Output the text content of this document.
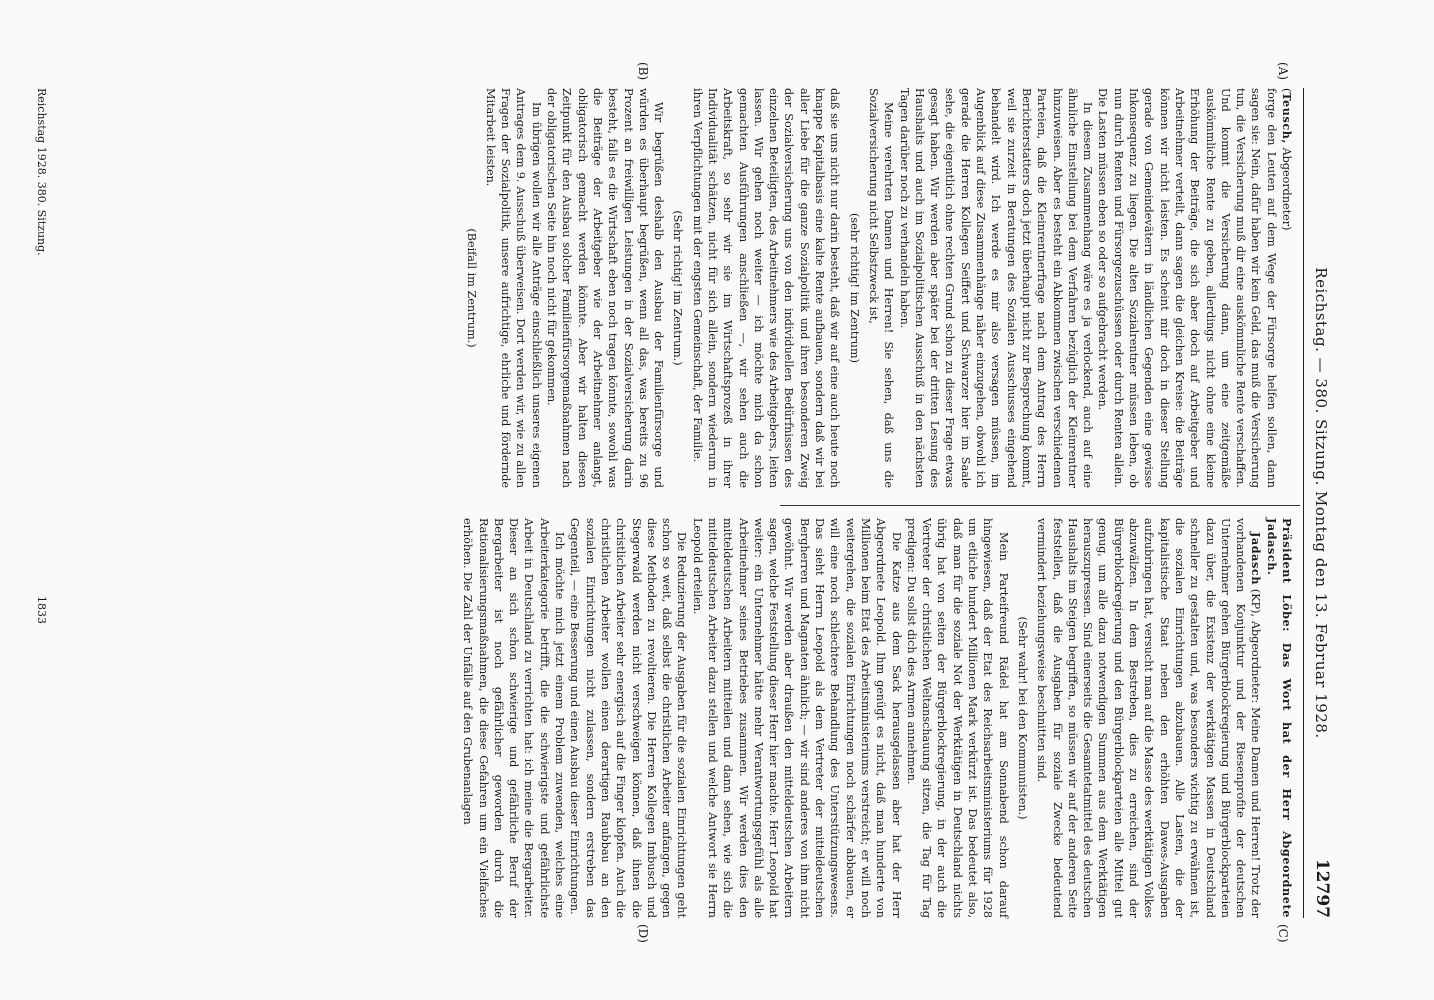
Reichstag. — 380. Sitzung. Montag den 13. Februar 1928.
12797
(A)
(B)
(C)
(D)

(Teusch, Abgeordneter)

forge den Leuten auf dem Wege der Fürsorge helfen sollen, dann sagen sie: Nein, dafür haben wir kein Geld, das muß die Versicherung tun, die Versicherung muß dir eine auskömmliche Rente verschaffen. Und kommt die Versicherung dann, um eine zeitgemäße auskömmliche Rente zu geben, allerdings nicht ohne eine kleine Erhöhung der Beiträge, die sich aber doch auf Arbeitgeber und Arbeitnehmer verteilt, dann sagen die gleichen Kreise: die Beiträge können wir nicht leisten. Es scheint mir doch in dieser Stellung gerade von Gemeindevätern in ländlichen Gegenden eine gewisse Inkonsequenz zu liegen. Die alten Sozialrentner müssen leben, ob nun durch Renten und Fürsorgezuschüssen oder durch Renten allein. Die Lasten müssen eben so oder so aufgebracht werden.

In diesem Zusammenhang wäre es ja verlockend, auch auf eine ähnliche Einstellung bei dem Verfahren bezüglich der Kleinrentner hinzuweisen. Aber es besteht ein Abkommen zwischen verschiedenen Parteien, daß die Kleinrentnerfrage nach dem Antrag des Herrn Berichterstatters doch jetzt überhaupt nicht zur Besprechung kommt, weil sie zurzeit in Beratungen des Sozialen Ausschusses eingehend behandelt wird. Ich werde es mir also versagen müssen, im Augenblick auf diese Zusammenhänge näher einzugehen, obwohl ich gerade die Herren Kollegen Seiffert und Schwarzer hier im Saale sehe, die eigentlich ohne rechten Grund schon zu dieser Frage etwas gesagt haben. Wir werden aber später bei der dritten Lesung des Haushalts und auch im Sozialpolitischen Ausschuß in den nächsten Tagen darüber noch zu verhandeln haben.

Meine verehrten Damen und Herren! Sie sehen, daß uns die Sozialversicherung nicht Selbstzweck ist,

(sehr richtig! im Zentrum)

daß sie uns nicht nur darin besteht, daß wir auf eine auch heute noch knappe Kapitalbasis eine kalte Rente aufbauen, sondern daß wir bei aller Liebe für die ganze Sozialpolitik und ihren besonderen Zweig der Sozialversicherung uns von den individuellen Bedürfnissen des einzelnen Beteiligten, des Arbeitnehmers wie des Arbeitgebers, leiten lassen. Wir gehen noch weiter — ich möchte mich da schon gemachten Ausführungen anschließen —, wir sehen auch die Arbeitskraft, so sehr wir sie im Wirtschaftsprozeß in ihrer Individualität schätzen, nicht für sich allein, sondern wiederum in ihren Verpflichtungen mit der engsten Gemeinschaft, der Familie.

(Sehr richtig! im Zentrum.)

Wir begrüßen deshalb den Ausbau der Familienfürsorge und würden es überhaupt begrüßen, wenn all das, was bereits zu 96 Prozent an freiwilligen Leistungen in der Sozialversicherung darin besteht, falls es die Wirtschaft eben noch tragen könnte, sowohl was die Beiträge der Arbeitgeber wie der Arbeitnehmer anlangt, obligatorisch gemacht werden könnte. Aber wir halten diesen Zeitpunkt für den Ausbau solcher Familienfürsorgemaßnahmen nach der obligatorischen Seite hin noch nicht für gekommen.

Im übrigen wollen wir alle Anträge einschließlich unseres eigenen Antrages dem 9. Ausschuß überweisen. Dort werden wir, wie zu allen Fragen der Sozialpolitik, unsere aufrichtige, ehrliche und fördernde Mitarbeit leisten.

(Beifall im Zentrum.)

Präsident Löbe: Das Wort hat der Herr Abgeordnete Jadasch.

Jadasch (KP), Abgeordneter: Meine Damen und Herren! Trotz der vorhandenen Konjunktur und der Riesenprofite der deutschen Unternehmer gehen Bürgerblockregierung und Bürgerblockparteien dazu über, die Existenz der werktätigen Massen in Deutschland schneller zu gestalten und, was besonders wichtig zu erwähnen ist, die sozialen Einrichtungen abzubauen. Alle Lasten, die der kapitalistische Staat neben den erhöhten Dawes-Ausgaben aufzubringen hat, versucht man auf die Masse des werktätigen Volkes abzuwälzen. In dem Bestreben, dies zu erreichen, sind der Bürgerblockregierung und den Bürgerblockparteien alle Mittel gut genug, um alle dazu notwendigen Summen aus dem Werktätigen herauszupressen. Sind einerseits die Gesamtetatmittel des deutschen Haushalts im Steigen begriffen, so müssen wir auf der anderen Seite feststellen, daß die Ausgaben für soziale Zwecke bedeutend vermindert beziehungsweise beschnitten sind.

(Sehr wahr! bei den Kommunisten.)

Mein Parteifreund Rädel hat am Sonnabend schon darauf hingewiesen, daß der Etat des Reichsarbeitsministeriums für 1928 um etliche hundert Millionen Mark verkürzt ist. Das bedeutet also, daß man für die soziale Not der Werktätigen in Deutschland nichts übrig hat von seiten der Bürgerblockregierung, in der auch die Vertreter der christlichen Weltanschauung sitzen, die Tag für Tag predigen: Du sollst dich des Armen annehmen.

Die Katze aus dem Sack herausgelassen aber hat der Herr Abgeordnete Leopold. Ihm genügt es nicht, daß man hunderte von Millionen beim Etat des Arbeitsministeriums verstreicht; er will noch weitergehen, die sozialen Einrichtungen noch schärfer abbauen, er will eine noch schlechtere Behandlung des Unterstützungswesens. Das sieht Herrn Leopold als dem Vertreter der mitteldeutschen Bergherren und Magnaten ähnlich; — wir sind anderes von ihm nicht gewöhnt. Wir werden aber draußen den mitteldeutschen Arbeitern sagen, welche Feststellung dieser Herr hier machte. Herr Leopold hat weiter: ein Unternehmer hätte mehr Verantwortungsgefühl als alle Arbeitnehmer seines Betriebes zusammen. Wir werden dies den mitteldeutschen Arbeitern mitteilen und dann sehen, wie sich die mitteldeutschen Arbeiter dazu stellen und welche Antwort sie Herrn Leopold erteilen.

Die Reduzierung der Ausgaben für die sozialen Einrichtungen geht schon so weit, daß selbst die christlichen Arbeiter anfangen, gegen diese Methoden zu revoltieren. Die Herren Kollegen Imbusch und Stegerwald werden nicht verschweigen können, daß ihnen die christlichen Arbeiter sehr energisch auf die Finger klopfen. Auch die christlichen Arbeiter wollen einen derartigen Raubbau an den sozialen Einrichtungen nicht zulassen, sondern erstreben das Gegenteil, — eine Besserung und einen Ausbau dieser Einrichtungen.

Ich möchte mich jetzt einem Problem zuwenden, welches eine Arbeiterkategorie betrifft, die die schwierigste und gefährlichste Arbeit in Deutschland zu verrichten hat: ich meine die Bergarbeiter. Dieser an sich schon schwierige und gefährliche Beruf der Bergarbeiter ist noch gefährlicher geworden durch die Rationalisierungsmaßnahmen, die diese Gefahren um ein Vielfaches erhöhen. Die Zahl der Unfälle auf den Grubenanlagen

Reichstag 1928. 380. Sitzung.
1833
